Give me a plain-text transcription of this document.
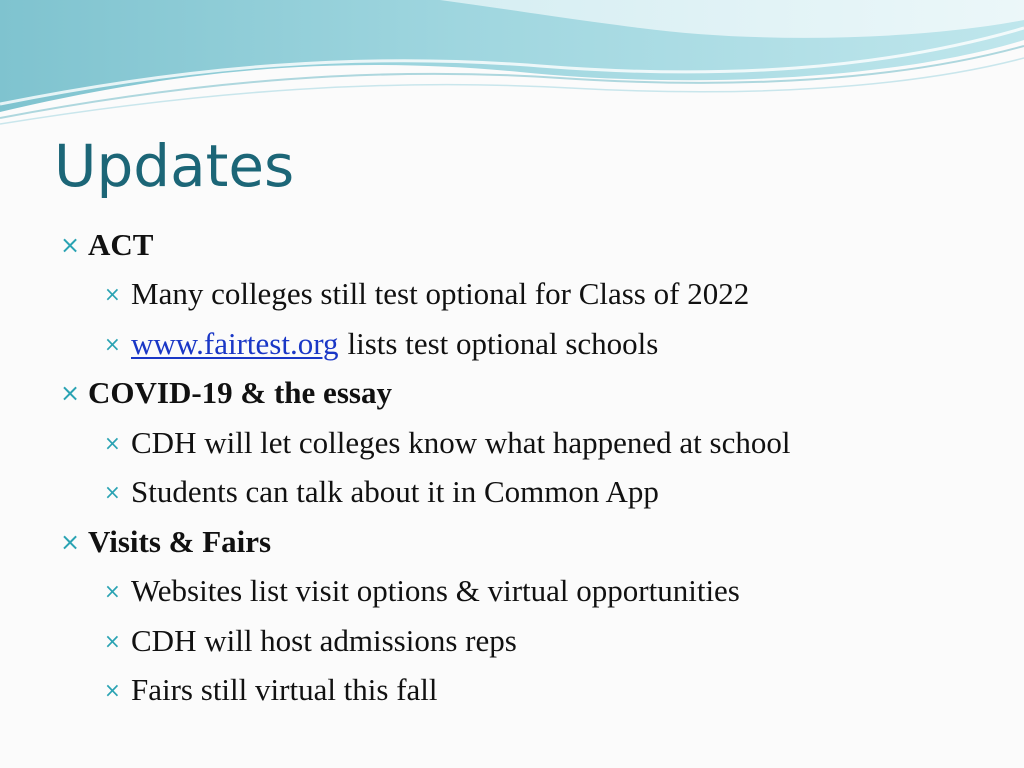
Updates
× ACT
× Many colleges still test optional for Class of 2022
× www.fairtest.org lists test optional schools
× COVID-19 & the essay
× CDH will let colleges know what happened at school
× Students can talk about it in Common App
× Visits & Fairs
× Websites list visit options & virtual opportunities
× CDH will host admissions reps
× Fairs still virtual this fall
